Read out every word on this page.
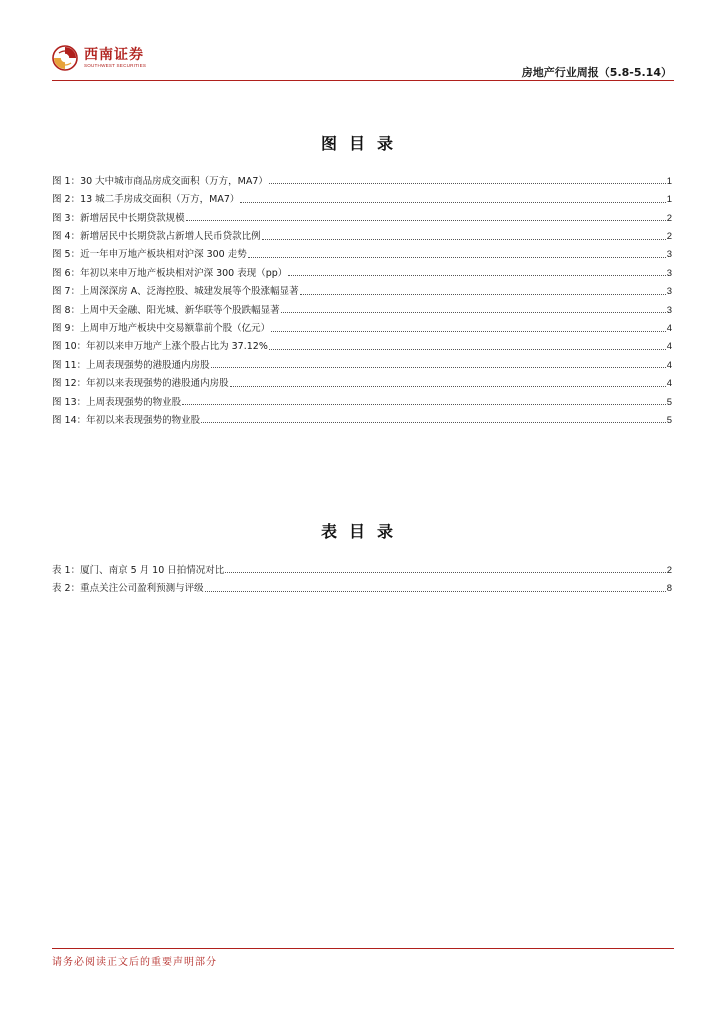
西南证券
SOUTHWEST SECURITIES
房地产行业周报（5.8-5.14）
图目录
图 1：30 大中城市商品房成交面积（万方，MA7）	1
图 2：13 城二手房成交面积（万方，MA7）	1
图 3：新增居民中长期贷款规模	2
图 4：新增居民中长期贷款占新增人民币贷款比例	2
图 5：近一年申万地产板块相对沪深 300 走势	3
图 6：年初以来申万地产板块相对沪深 300 表现（pp）	3
图 7：上周深深房 A、泛海控股、城建发展等个股涨幅显著	3
图 8：上周中天金融、阳光城、新华联等个股跌幅显著	3
图 9：上周申万地产板块中交易额靠前个股（亿元）	4
图 10：年初以来申万地产上涨个股占比为 37.12%	4
图 11：上周表现强势的港股通内房股	4
图 12：年初以来表现强势的港股通内房股	4
图 13：上周表现强势的物业股	5
图 14：年初以来表现强势的物业股	5
表目录
表 1：厦门、南京 5 月 10 日拍情况对比	2
表 2：重点关注公司盈利预测与评级	8
请务必阅读正文后的重要声明部分
